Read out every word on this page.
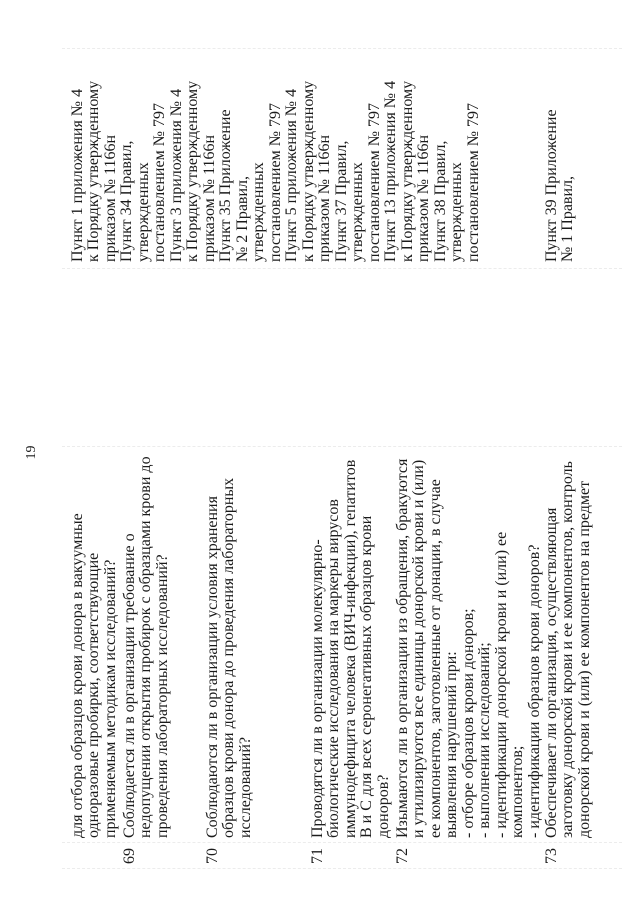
19
для отбора образцов крови донора в вакуумные одноразовые пробирки, соответствующие применяемым методикам исследований?
Пункт 1 приложения № 4 к Порядку утвержденному приказом № 1166н
69
Соблюдается ли в организации требование о недопущении открытия пробирок с образцами крови до проведения лабораторных исследований?
Пункт 34 Правил, утвержденных постановлением № 797 Пункт 3 приложения № 4 к Порядку утвержденному приказом № 1166н
70
Соблюдаются ли в организации условия хранения образцов крови донора до проведения лабораторных исследований?
Пункт 35 Приложение № 2 Правил, утвержденных постановлением № 797 Пункт 5 приложения № 4 к Порядку утвержденному приказом № 1166н
71
Проводятся ли в организации молекулярно- биологические исследования на маркеры вирусов иммунодефицита человека (ВИЧ-инфекции), гепатитов В и С для всех серонегативных образцов крови доноров?
Пункт 37 Правил, утвержденных постановлением № 797 Пункт 13 приложения № 4 к Порядку утвержденному приказом № 1166н
72
Изымаются ли в организации из обращения, бракуются и утилизируются все единицы донорской крови и (или) ее компонентов, заготовленные от донации, в случае выявления нарушений при: - отборе образцов крови доноров; - выполнении исследований; - идентификации донорской крови и (или) ее компонентов; - идентификации образцов крови доноров?
Пункт 38 Правил, утвержденных постановлением № 797
73
Обеспечивает ли организация, осуществляющая заготовку донорской крови и ее компонентов, контроль донорской крови и (или) ее компонентов на предмет
Пункт 39 Приложение № 1 Правил,
